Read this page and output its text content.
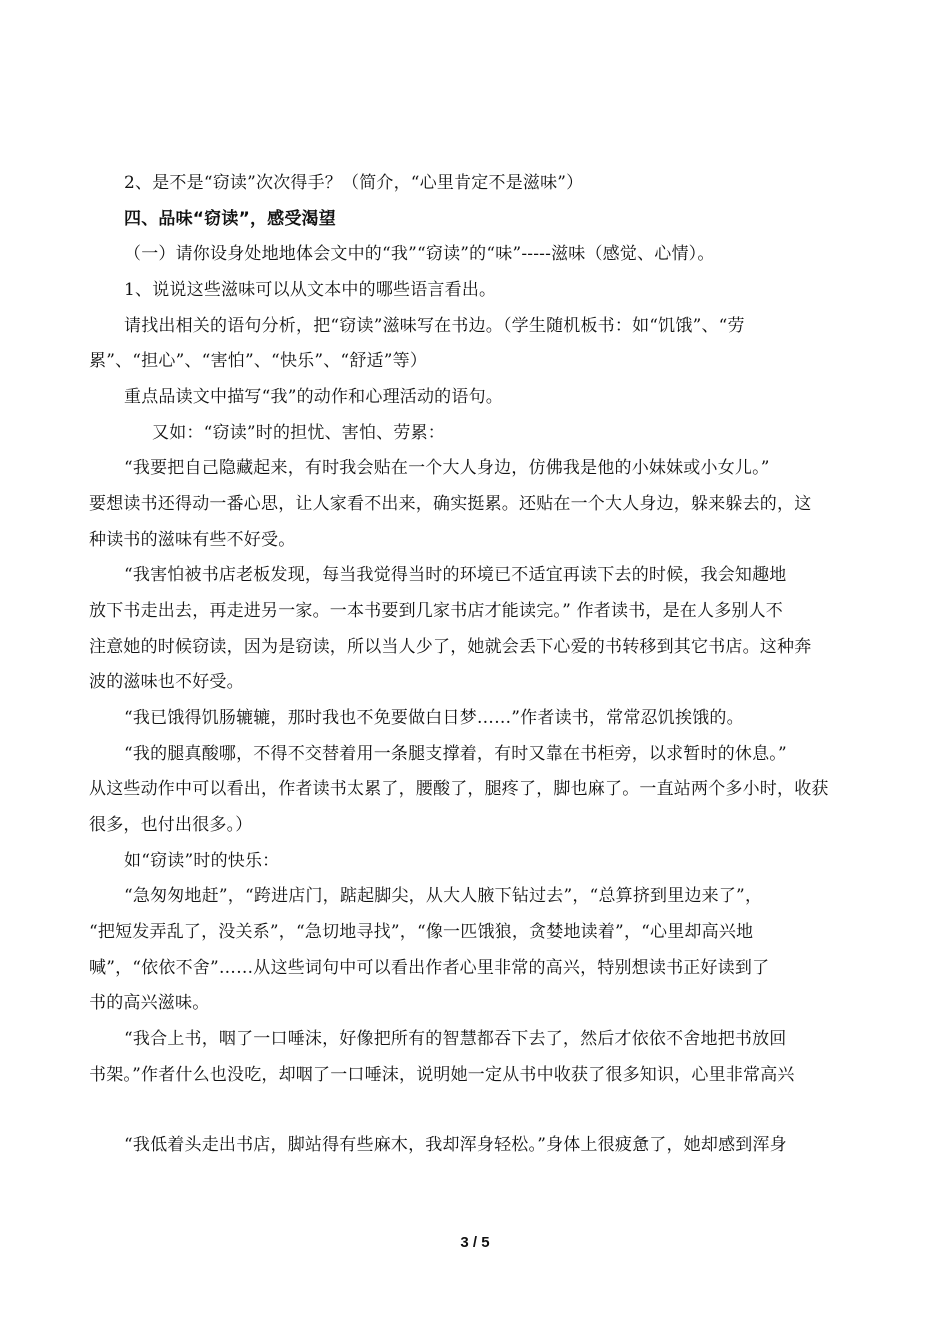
2、是不是“窃读”次次得手？（简介，“心里肯定不是滋味”）
四、品味“窃读”，感受渴望
（一）请你设身处地地体会文中的“我”“窃读”的“味”-----滋味（感觉、心情）。
1、说说这些滋味可以从文本中的哪些语言看出。
请找出相关的语句分析，把“窃读”滋味写在书边。（学生随机板书：如“饥饿”、“劳
累”、“担心”、“害怕”、“快乐”、“舒适”等）
重点品读文中描写“我”的动作和心理活动的语句。
又如：“窃读”时的担忧、害怕、劳累：
“我要把自己隐藏起来，有时我会贴在一个大人身边，仿佛我是他的小妹妹或小女儿。”
要想读书还得动一番心思，让人家看不出来，确实挺累。还贴在一个大人身边，躲来躲去的，这
种读书的滋味有些不好受。
“我害怕被书店老板发现，每当我觉得当时的环境已不适宜再读下去的时候，我会知趣地
放下书走出去，再走进另一家。一本书要到几家书店才能读完。” 作者读书，是在人多别人不
注意她的时候窃读，因为是窃读，所以当人少了，她就会丢下心爱的书转移到其它书店。这种奔
波的滋味也不好受。
“我已饿得饥肠辘辘，那时我也不免要做白日梦……”作者读书，常常忍饥挨饿的。
“我的腿真酸哪，不得不交替着用一条腿支撑着，有时又靠在书柜旁，以求暂时的休息。”
从这些动作中可以看出，作者读书太累了，腰酸了，腿疼了，脚也麻了。一直站两个多小时，收获
很多，也付出很多。）
如“窃读”时的快乐：
“急匆匆地赶”，“跨进店门，踮起脚尖，从大人腋下钻过去”，“总算挤到里边来了”，
“把短发弄乱了，没关系”，“急切地寻找”，“像一匹饿狼，贪婪地读着”，“心里却高兴地
喊”，“依依不舍”……从这些词句中可以看出作者心里非常的高兴，特别想读书正好读到了
书的高兴滋味。
“我合上书，咽了一口唾沫，好像把所有的智慧都吞下去了，然后才依依不舍地把书放回
书架。”作者什么也没吃，却咽了一口唾沫，说明她一定从书中收获了很多知识，心里非常高兴
“我低着头走出书店，脚站得有些麻木，我却浑身轻松。”身体上很疲惫了，她却感到浑身
3 / 5
